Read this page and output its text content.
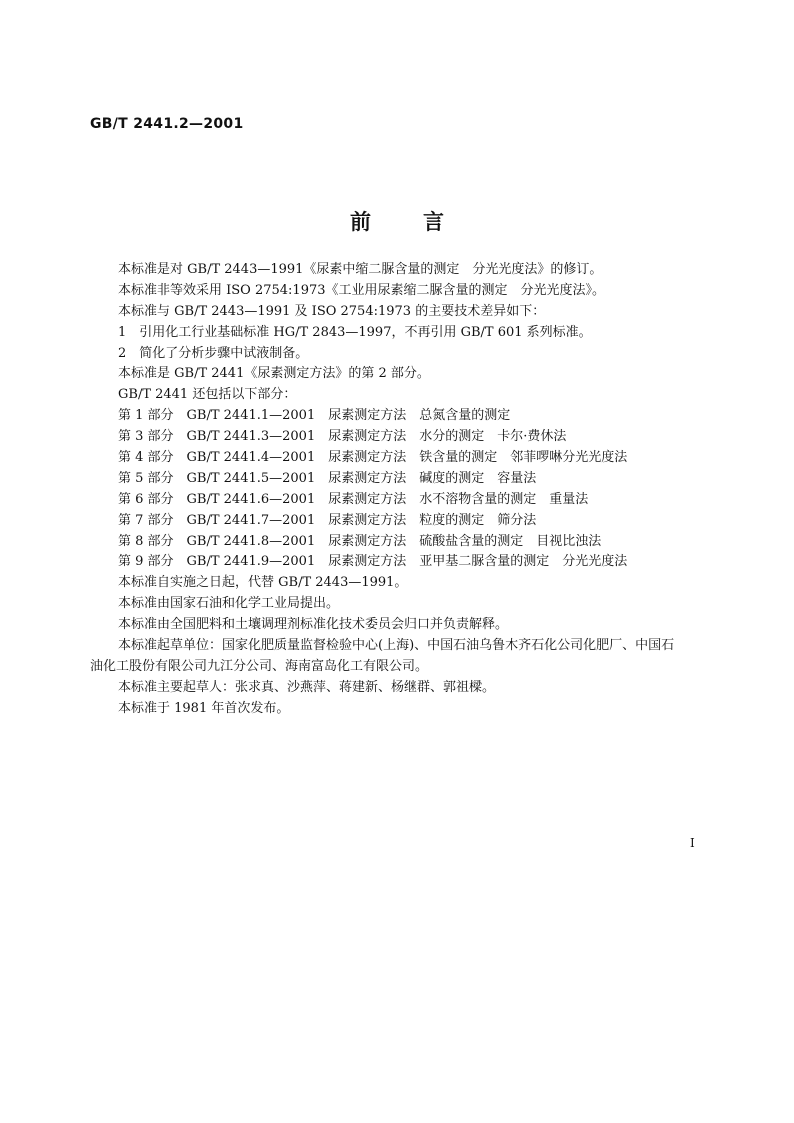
GB/T 2441.2—2001
前言
本标准是对 GB/T 2443—1991《尿素中缩二脲含量的测定　分光光度法》的修订。
本标准非等效采用 ISO 2754:1973《工业用尿素缩二脲含量的测定　分光光度法》。
本标准与 GB/T 2443—1991 及 ISO 2754:1973 的主要技术差异如下：
1　引用化工行业基础标准 HG/T 2843—1997，不再引用 GB/T 601 系列标准。
2　简化了分析步骤中试液制备。
本标准是 GB/T 2441《尿素测定方法》的第 2 部分。
GB/T 2441 还包括以下部分：
第 1 部分　GB/T 2441.1—2001　尿素测定方法　总氮含量的测定
第 3 部分　GB/T 2441.3—2001　尿素测定方法　水分的测定　卡尔·费休法
第 4 部分　GB/T 2441.4—2001　尿素测定方法　铁含量的测定　邻菲啰啉分光光度法
第 5 部分　GB/T 2441.5—2001　尿素测定方法　碱度的测定　容量法
第 6 部分　GB/T 2441.6—2001　尿素测定方法　水不溶物含量的测定　重量法
第 7 部分　GB/T 2441.7—2001　尿素测定方法　粒度的测定　筛分法
第 8 部分　GB/T 2441.8—2001　尿素测定方法　硫酸盐含量的测定　目视比浊法
第 9 部分　GB/T 2441.9—2001　尿素测定方法　亚甲基二脲含量的测定　分光光度法
本标准自实施之日起，代替 GB/T 2443—1991。
本标准由国家石油和化学工业局提出。
本标准由全国肥料和土壤调理剂标准化技术委员会归口并负责解释。
本标准起草单位：国家化肥质量监督检验中心(上海)、中国石油乌鲁木齐石化公司化肥厂、中国石
油化工股份有限公司九江分公司、海南富岛化工有限公司。
本标准主要起草人：张求真、沙燕萍、蒋建新、杨继群、郭祖樑。
本标准于 1981 年首次发布。
I
